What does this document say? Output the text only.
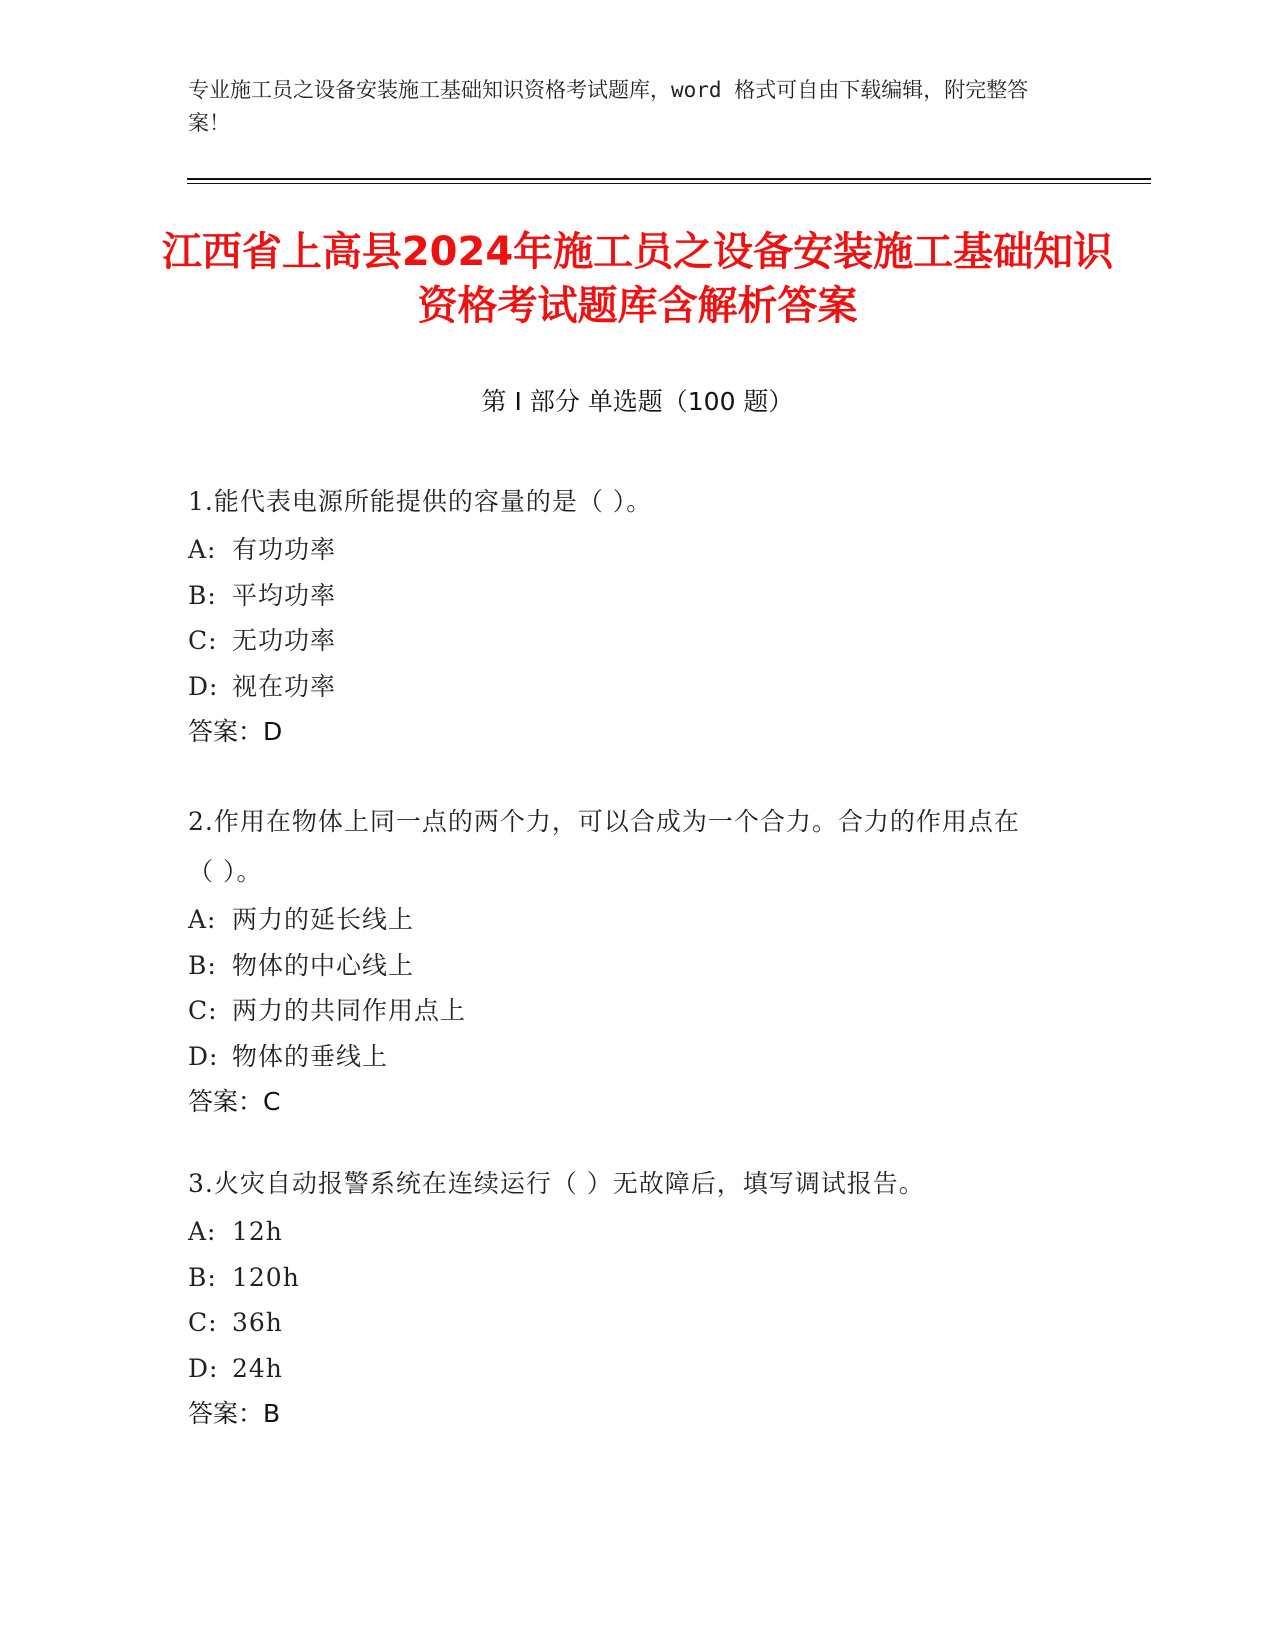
专业施工员之设备安装施工基础知识资格考试题库，word 格式可自由下载编辑，附完整答案！
江西省上高县2024年施工员之设备安装施工基础知识资格考试题库含解析答案
第 I 部分 单选题（100 题）
1.能代表电源所能提供的容量的是（ ）。
A: 有功功率
B: 平均功率
C: 无功功率
D: 视在功率
答案：D
2.作用在物体上同一点的两个力，可以合成为一个合力。合力的作用点在（ ）。
A: 两力的延长线上
B: 物体的中心线上
C: 两力的共同作用点上
D: 物体的垂线上
答案：C
3.火灾自动报警系统在连续运行（ ）无故障后，填写调试报告。
A: 12h
B: 120h
C: 36h
D: 24h
答案：B
